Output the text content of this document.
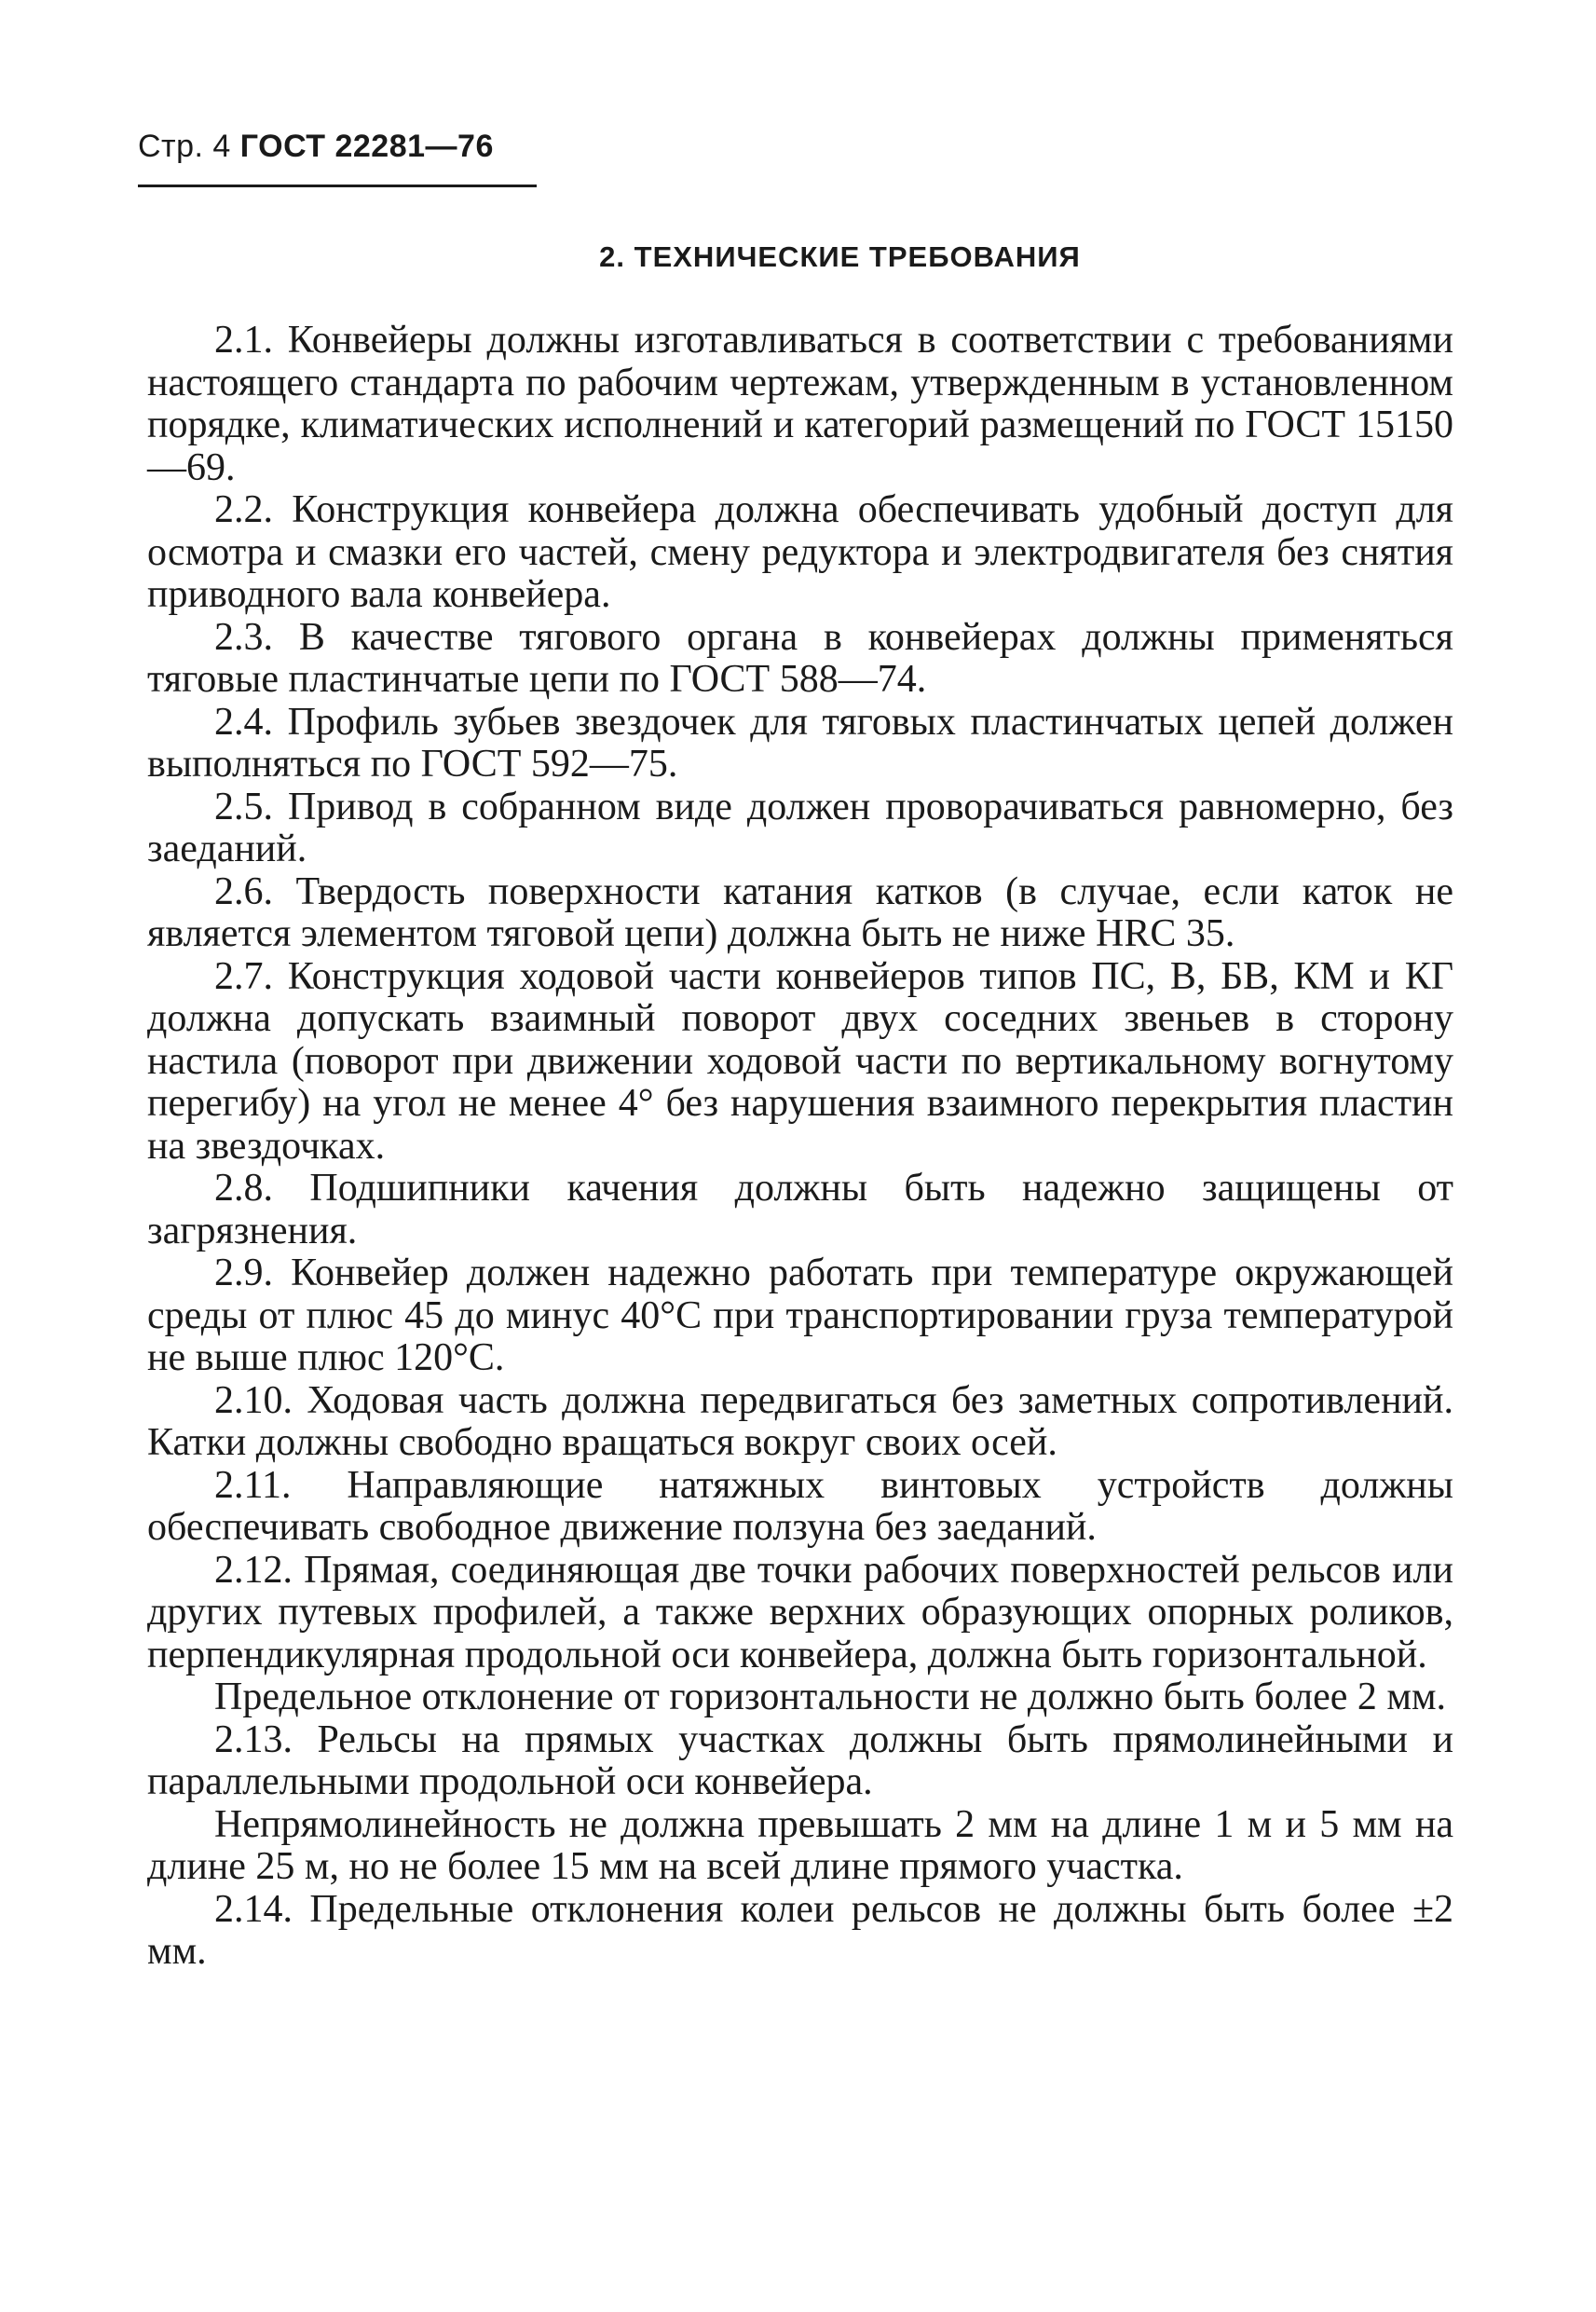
Стр. 4 ГОСТ 22281—76
2. ТЕХНИЧЕСКИЕ ТРЕБОВАНИЯ

2.1. Конвейеры должны изготавливаться в соответствии с требованиями настоящего стандарта по рабочим чертежам, утвержденным в установленном порядке, климатических исполнений и категорий размещений по ГОСТ 15150—69.

2.2. Конструкция конвейера должна обеспечивать удобный доступ для осмотра и смазки его частей, смену редуктора и электродвигателя без снятия приводного вала конвейера.

2.3. В качестве тягового органа в конвейерах должны применяться тяговые пластинчатые цепи по ГОСТ 588—74.

2.4. Профиль зубьев звездочек для тяговых пластинчатых цепей должен выполняться по ГОСТ 592—75.

2.5. Привод в собранном виде должен проворачиваться равномерно, без заеданий.

2.6. Твердость поверхности катания катков (в случае, если каток не является элементом тяговой цепи) должна быть не ниже HRC 35.

2.7. Конструкция ходовой части конвейеров типов ПС, В, БВ, КМ и КГ должна допускать взаимный поворот двух соседних звеньев в сторону настила (поворот при движении ходовой части по вертикальному вогнутому перегибу) на угол не менее 4° без нарушения взаимного перекрытия пластин на звездочках.

2.8. Подшипники качения должны быть надежно защищены от загрязнения.

2.9. Конвейер должен надежно работать при температуре окружающей среды от плюс 45 до минус 40°С при транспортировании груза температурой не выше плюс 120°С.

2.10. Ходовая часть должна передвигаться без заметных сопротивлений. Катки должны свободно вращаться вокруг своих осей.

2.11. Направляющие натяжных винтовых устройств должны обеспечивать свободное движение ползуна без заеданий.

2.12. Прямая, соединяющая две точки рабочих поверхностей рельсов или других путевых профилей, а также верхних образующих опорных роликов, перпендикулярная продольной оси конвейера, должна быть горизонтальной.

Предельное отклонение от горизонтальности не должно быть более 2 мм.

2.13. Рельсы на прямых участках должны быть прямолинейными и параллельными продольной оси конвейера.

Непрямолинейность не должна превышать 2 мм на длине 1 м и 5 мм на длине 25 м, но не более 15 мм на всей длине прямого участка.

2.14. Предельные отклонения колеи рельсов не должны быть более ±2 мм.
